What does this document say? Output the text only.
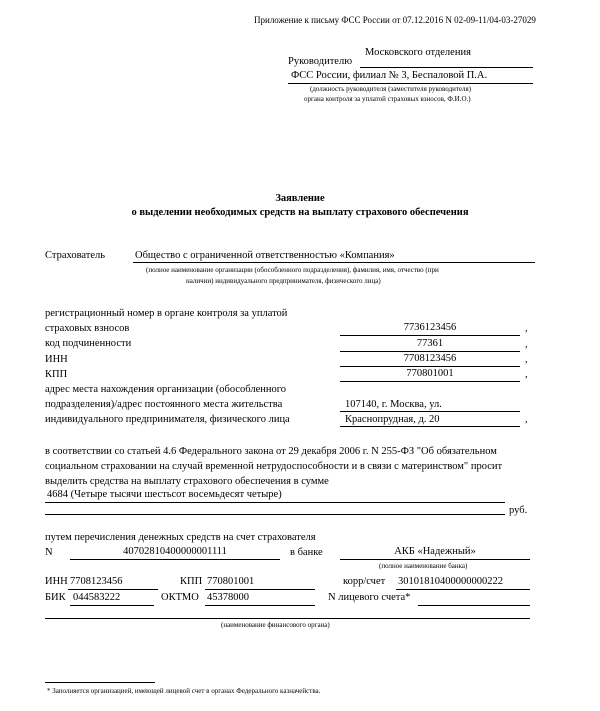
Приложение к письму ФСС России от 07.12.2016 N 02-09-11/04-03-27029
Руководителю
Московского отделения
ФСС России, филиал № 3, Беспаловой П.А.
(должность руководителя (заместителя руководителя)
органа контроля за уплатой страховых взносов, Ф.И.О.)
Заявление
о выделении необходимых средств на выплату страхового обеспечения
Страхователь	Общество с ограниченной ответственностью «Компания»
(полное наименование организации (обособленного подразделения), фамилия, имя, отчество (при
наличии) индивидуального предпринимателя, физического лица)
регистрационный номер в органе контроля за уплатой
страховых взносов	7736123456	,
код подчиненности	77361	,
ИНН	7708123456	,
КПП	770801001	,
адрес места нахождения организации (обособленного
подразделения)/адрес постоянного места жительства
индивидуального предпринимателя, физического лица
107140, г. Москва, ул.
Краснопрудная, д. 20	,
в соответствии со статьей 4.6 Федерального закона от 29 декабря 2006 г. N 255-ФЗ "Об обязательном
социальном страховании на случай временной нетрудоспособности и в связи с материнством" просит
выделить средства на выплату страхового обеспечения в сумме
4684 (Четыре тысячи шестьсот восемьдесят четыре)
руб.
путем перечисления денежных средств на счет страхователя
N	40702810400000001111	в банке	АКБ «Надежный»
(полное наименование банка)
ИНН 7708123456	КПП 770801001	корр/счет 30101810400000000222
БИК 044583222	ОКТМО 45378000	N лицевого счета*
(наименование финансового органа)
* Заполняется организацией, имеющей лицевой счет в органах Федерального казначейства.
